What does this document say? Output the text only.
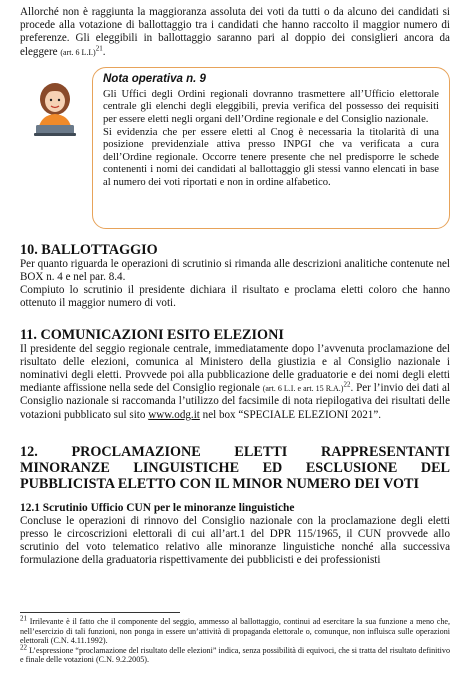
Allorché non è raggiunta la maggioranza assoluta dei voti da tutti o da alcuno dei candidati si procede alla votazione di ballottaggio tra i candidati che hanno raccolto il maggior numero di preferenze. Gli eleggibili in ballottaggio saranno pari al doppio dei consiglieri ancora da eleggere (art. 6 L.I.)$^{21}$.

Nota operativa n. 9

Gli Uffici degli Ordini regionali dovranno trasmettere all’Ufficio elettorale centrale gli elenchi degli eleggibili, previa verifica del possesso dei requisiti per essere eletti negli organi dell’Ordine regionale e del Consiglio nazionale.

Si evidenzia che per essere eletti al Cnog è necessaria la titolarità di una posizione previdenziale attiva presso INPGI che va verificata a cura dell’Ordine regionale. Occorre tenere presente che nel predisporre le schede contenenti i nomi dei candidati al ballottaggio gli stessi vanno elencati in base al numero dei voti riportati e non in ordine alfabetico.

10. BALLOTTAGGIO

Per quanto riguarda le operazioni di scrutinio si rimanda alle descrizioni analitiche contenute nel BOX n. 4 e nel par. 8.4.

Compiuto lo scrutinio il presidente dichiara il risultato e proclama eletti coloro che hanno ottenuto il maggior numero di voti.

11. COMUNICAZIONI ESITO ELEZIONI

Il presidente del seggio regionale centrale, immediatamente dopo l’avvenuta proclamazione del risultato delle elezioni, comunica al Ministero della giustizia e al Consiglio nazionale i nominativi degli eletti. Provvede poi alla pubblicazione delle graduatorie e dei nomi degli eletti mediante affissione nella sede del Consiglio regionale (art. 6 L.I. e art. 15 R.A.)$^{22}$. Per l’invio dei dati al Consiglio nazionale si raccomanda l’utilizzo del facsimile di nota riepilogativa dei risultati delle votazioni pubblicato sul sito www.odg.it nel box “SPECIALE ELEZIONI 2021”.

12. PROCLAMAZIONE ELETTI RAPPRESENTANTI MINORANZE LINGUISTICHE ED ESCLUSIONE DEL PUBBLICISTA ELETTO CON IL MINOR NUMERO DEI VOTI
12.1 Scrutinio Ufficio CUN per le minoranze linguistiche

Concluse le operazioni di rinnovo del Consiglio nazionale con la proclamazione degli eletti presso le circoscrizioni elettorali di cui all’art.1 del DPR 115/1965, il CUN provvede allo scrutinio del voto telematico relativo alle minoranze linguistiche nonché alla successiva formulazione della graduatoria rispettivamente dei pubblicisti e dei professionisti

$^{21}$ Irrilevante è il fatto che il componente del seggio, ammesso al ballottaggio, continui ad esercitare la sua funzione a meno che, nell’esercizio di tali funzioni, non ponga in essere un’attività di propaganda elettorale o, comunque, non influisca sulle operazioni elettorali (C.N. 4.11.1992).

$^{22}$ L’espressione “proclamazione del risultato delle elezioni” indica, senza possibilità di equivoci, che si tratta del risultato definitivo e finale delle votazioni (C.N. 9.2.2005).
